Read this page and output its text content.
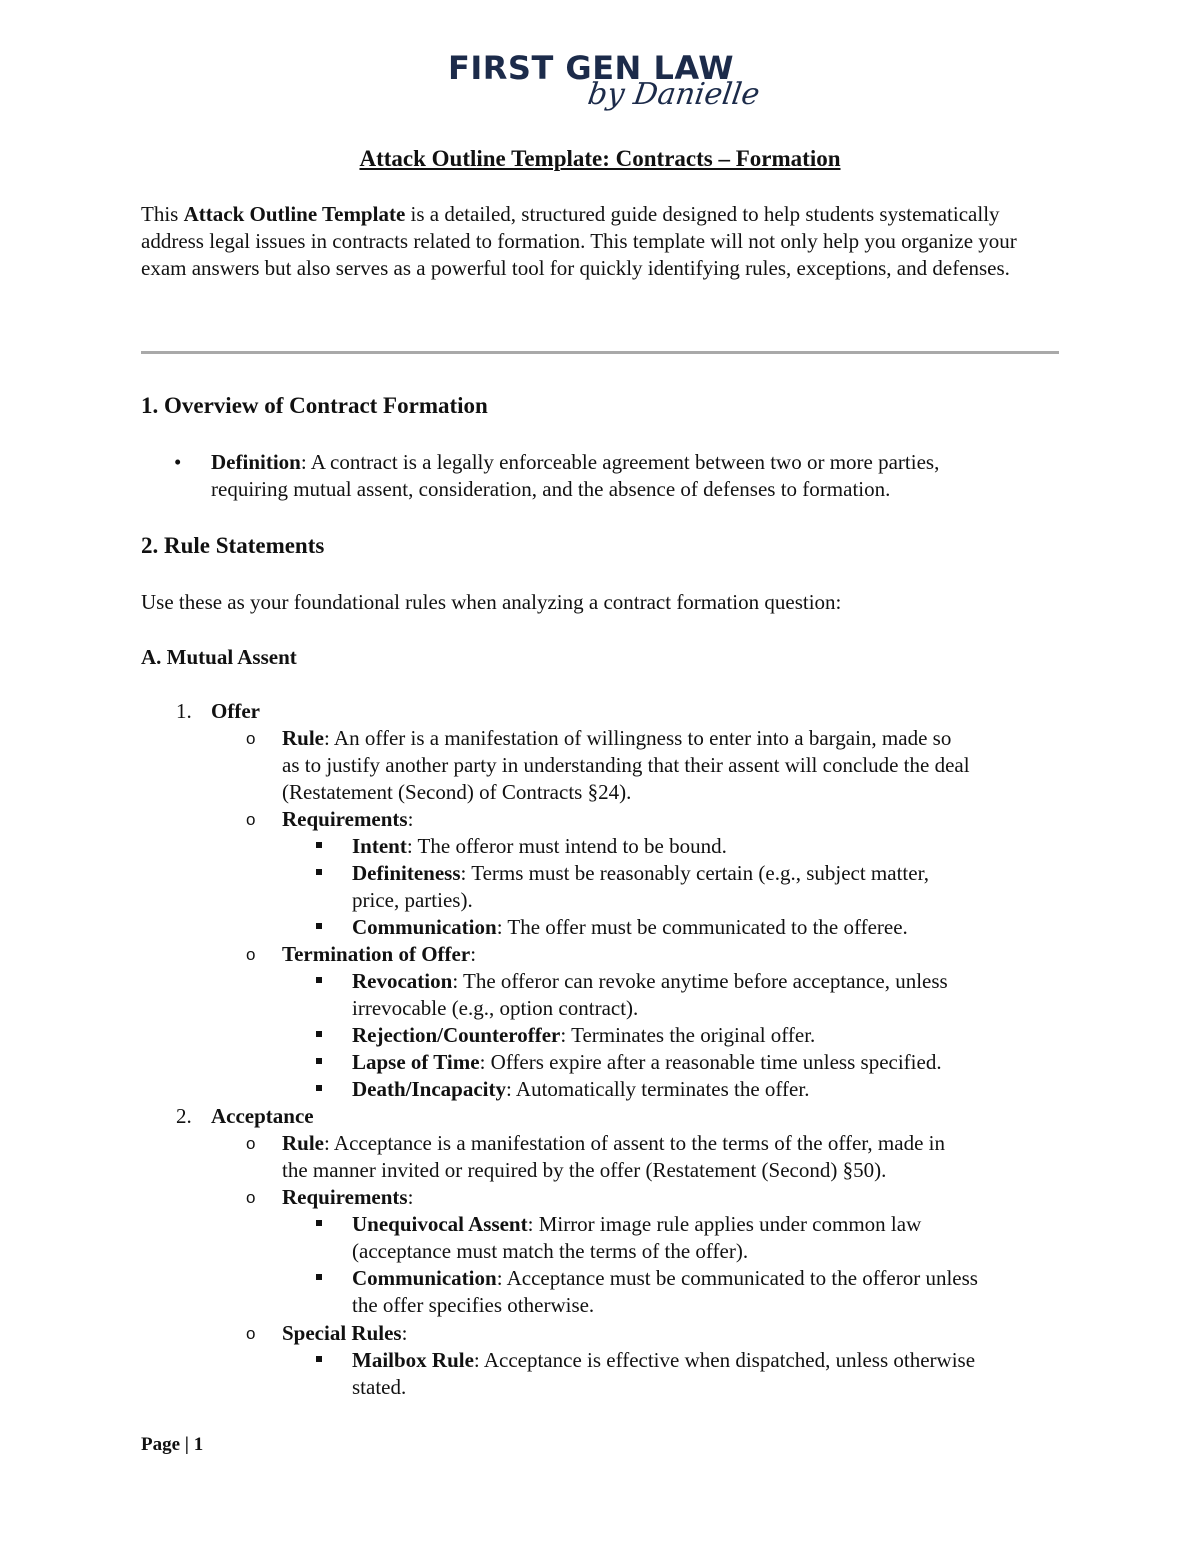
FIRST GEN LAW
by Danielle
Attack Outline Template: Contracts – Formation

This Attack Outline Template is a detailed, structured guide designed to help students systematically address legal issues in contracts related to formation. This template will not only help you organize your exam answers but also serves as a powerful tool for quickly identifying rules, exceptions, and defenses.

1. Overview of Contract Formation
• Definition: A contract is a legally enforceable agreement between two or more parties,
requiring mutual assent, consideration, and the absence of defenses to formation.
2. Rule Statements
Use these as your foundational rules when analyzing a contract formation question:
A. Mutual Assent
1. Offer
o Rule: An offer is a manifestation of willingness to enter into a bargain, made so
as to justify another party in understanding that their assent will conclude the deal
(Restatement (Second) of Contracts §24).
o Requirements:
Intent: The offeror must intend to be bound.
Definiteness: Terms must be reasonably certain (e.g., subject matter,
price, parties).
Communication: The offer must be communicated to the offeree.
o Termination of Offer:
Revocation: The offeror can revoke anytime before acceptance, unless
irrevocable (e.g., option contract).
Rejection/Counteroffer: Terminates the original offer.
Lapse of Time: Offers expire after a reasonable time unless specified.
Death/Incapacity: Automatically terminates the offer.
2. Acceptance
o Rule: Acceptance is a manifestation of assent to the terms of the offer, made in
the manner invited or required by the offer (Restatement (Second) §50).
o Requirements:
Unequivocal Assent: Mirror image rule applies under common law
(acceptance must match the terms of the offer).
Communication: Acceptance must be communicated to the offeror unless
the offer specifies otherwise.
o Special Rules:
Mailbox Rule: Acceptance is effective when dispatched, unless otherwise
stated.
Page | 1
